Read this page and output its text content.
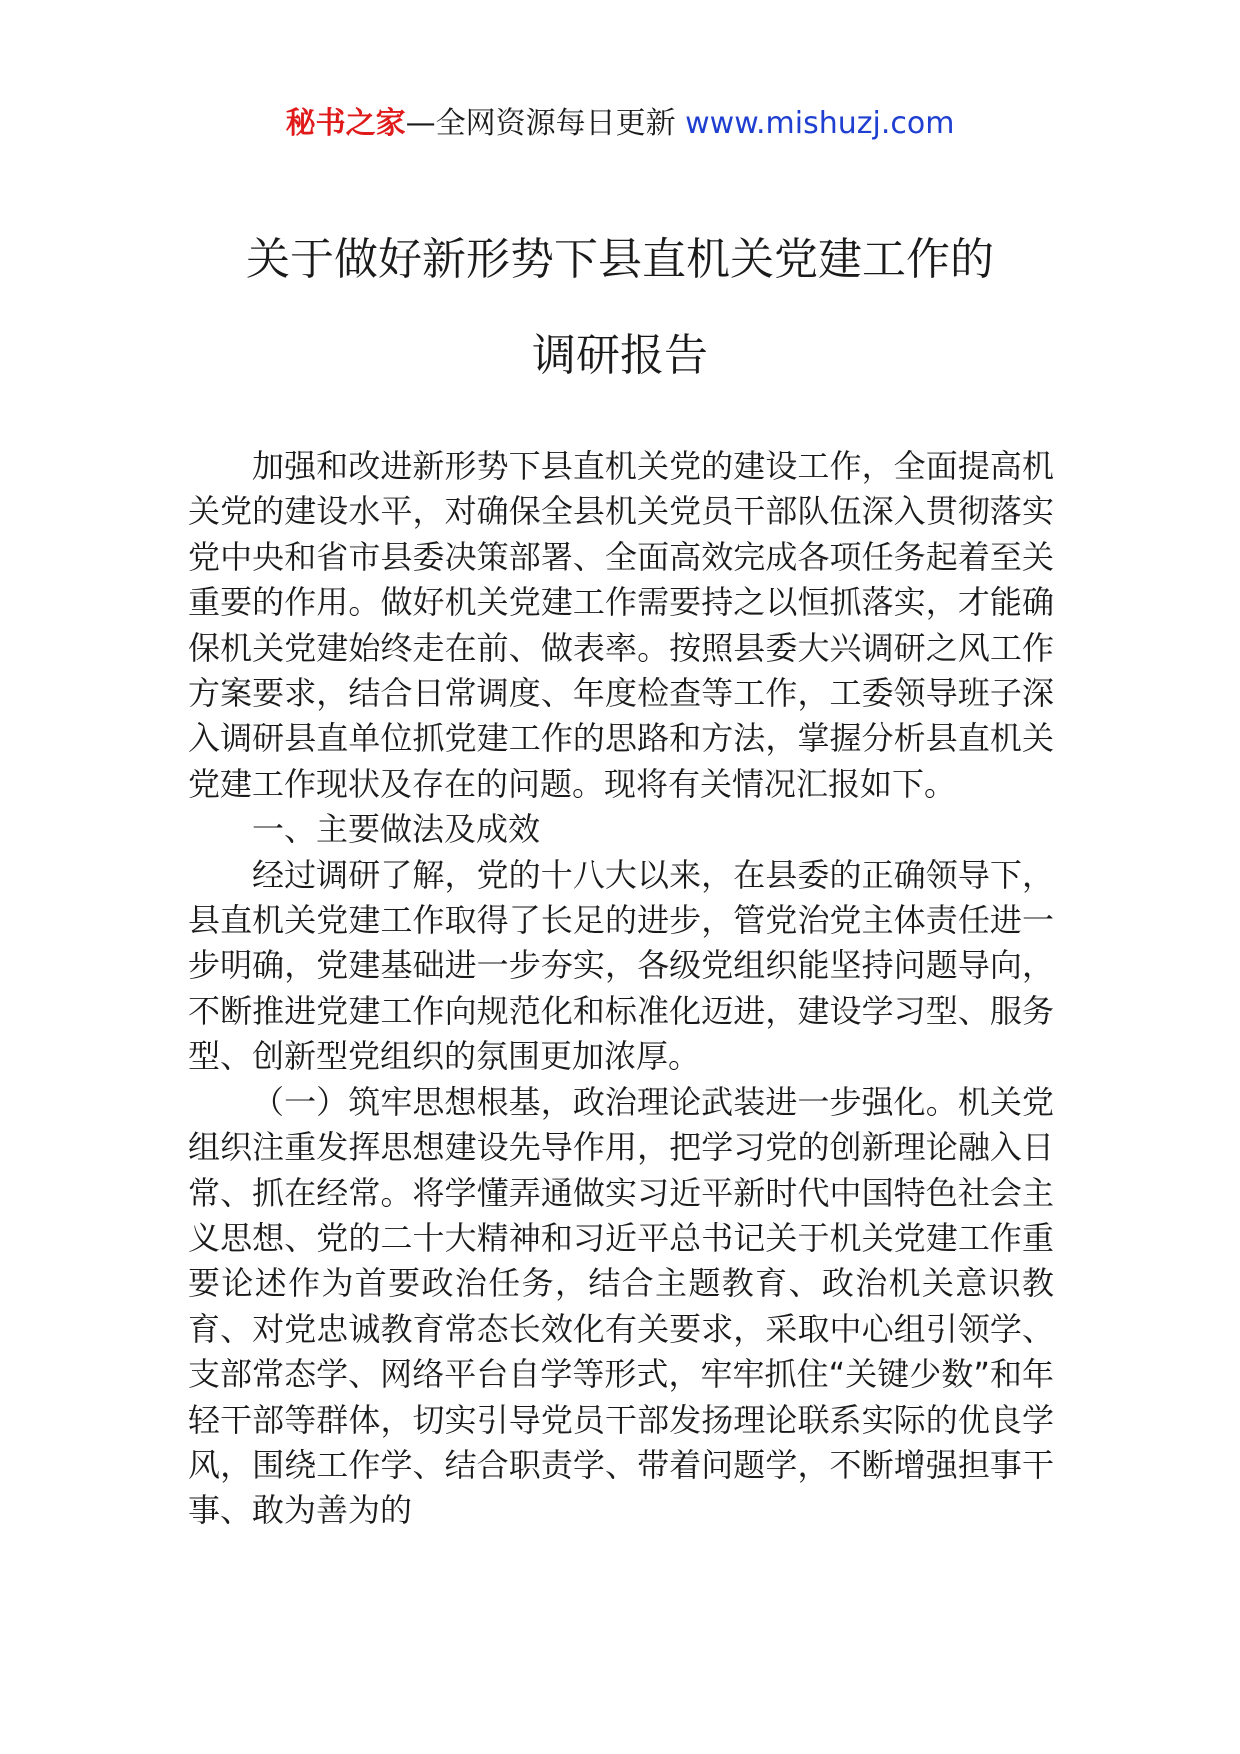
秘书之家—全网资源每日更新 www.mishuzj.com
关于做好新形势下县直机关党建工作的
调研报告

加强和改进新形势下县直机关党的建设工作，全面提高机关党的建设水平，对确保全县机关党员干部队伍深入贯彻落实党中央和省市县委决策部署、全面高效完成各项任务起着至关重要的作用。做好机关党建工作需要持之以恒抓落实，才能确保机关党建始终走在前、做表率。按照县委大兴调研之风工作方案要求，结合日常调度、年度检查等工作，工委领导班子深入调研县直单位抓党建工作的思路和方法，掌握分析县直机关党建工作现状及存在的问题。现将有关情况汇报如下。

一、主要做法及成效

经过调研了解，党的十八大以来，在县委的正确领导下，县直机关党建工作取得了长足的进步，管党治党主体责任进一步明确，党建基础进一步夯实，各级党组织能坚持问题导向，不断推进党建工作向规范化和标准化迈进，建设学习型、服务型、创新型党组织的氛围更加浓厚。

（一）筑牢思想根基，政治理论武装进一步强化。机关党组织注重发挥思想建设先导作用，把学习党的创新理论融入日常、抓在经常。将学懂弄通做实习近平新时代中国特色社会主义思想、党的二十大精神和习近平总书记关于机关党建工作重要论述作为首要政治任务，结合主题教育、政治机关意识教育、对党忠诚教育常态长效化有关要求，采取中心组引领学、支部常态学、网络平台自学等形式，牢牢抓住“关键少数”和年轻干部等群体，切实引导党员干部发扬理论联系实际的优良学风，围绕工作学、结合职责学、带着问题学，不断增强担事干事、敢为善为的
